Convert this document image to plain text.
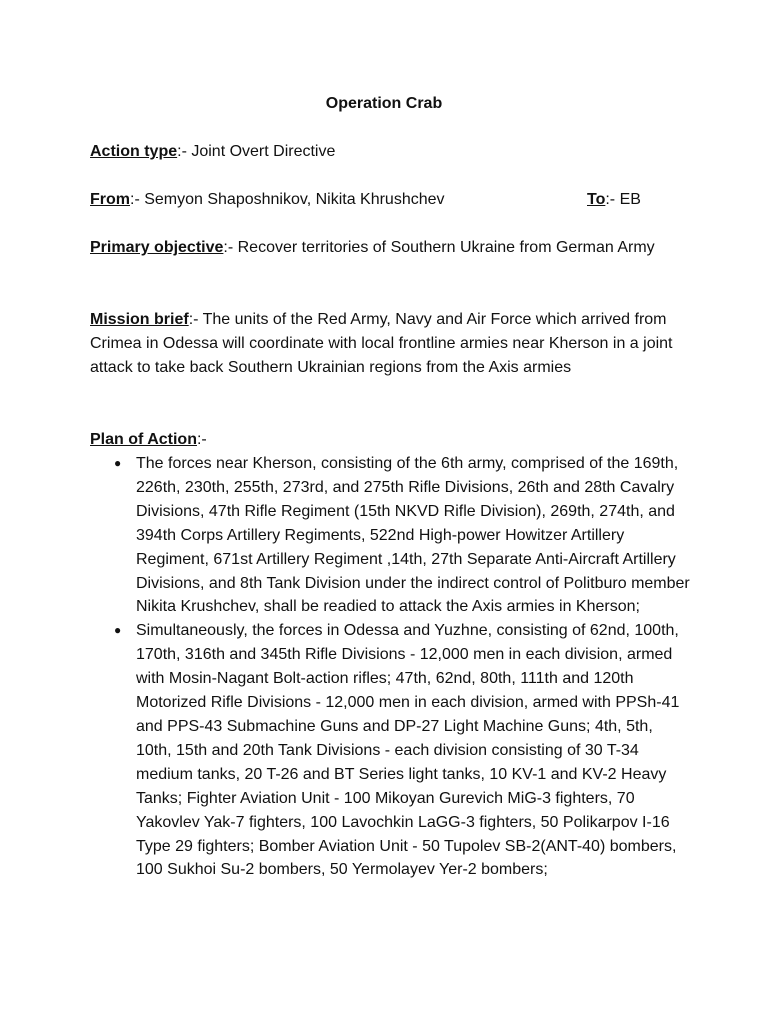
Operation Crab
Action type:- Joint Overt Directive
From:- Semyon Shaposhnikov, Nikita Khrushchev	To:- EB
Primary objective:- Recover territories of Southern Ukraine from German Army
Mission brief:- The units of the Red Army, Navy and Air Force which arrived from Crimea in Odessa will coordinate with local frontline armies near Kherson in a joint attack to take back Southern Ukrainian regions from the Axis armies
Plan of Action:-
● The forces near Kherson, consisting of the 6th army, comprised of the 169th, 226th, 230th, 255th, 273rd, and 275th Rifle Divisions, 26th and 28th Cavalry Divisions, 47th Rifle Regiment (15th NKVD Rifle Division), 269th, 274th, and 394th Corps Artillery Regiments, 522nd High-power Howitzer Artillery Regiment, 671st Artillery Regiment ,14th, 27th Separate Anti-Aircraft Artillery Divisions, and 8th Tank Division under the indirect control of Politburo member Nikita Krushchev, shall be readied to attack the Axis armies in Kherson;
● Simultaneously, the forces in Odessa and Yuzhne, consisting of 62nd, 100th, 170th, 316th and 345th Rifle Divisions - 12,000 men in each division, armed with Mosin-Nagant Bolt-action rifles; 47th, 62nd, 80th, 111th and 120th Motorized Rifle Divisions - 12,000 men in each division, armed with PPSh-41 and PPS-43 Submachine Guns and DP-27 Light Machine Guns; 4th, 5th, 10th, 15th and 20th Tank Divisions - each division consisting of 30 T-34 medium tanks, 20 T-26 and BT Series light tanks, 10 KV-1 and KV-2 Heavy Tanks; Fighter Aviation Unit - 100 Mikoyan Gurevich MiG-3 fighters, 70 Yakovlev Yak-7 fighters, 100 Lavochkin LaGG-3 fighters, 50 Polikarpov I-16 Type 29 fighters; Bomber Aviation Unit - 50 Tupolev SB-2(ANT-40) bombers, 100 Sukhoi Su-2 bombers, 50 Yermolayev Yer-2 bombers;
